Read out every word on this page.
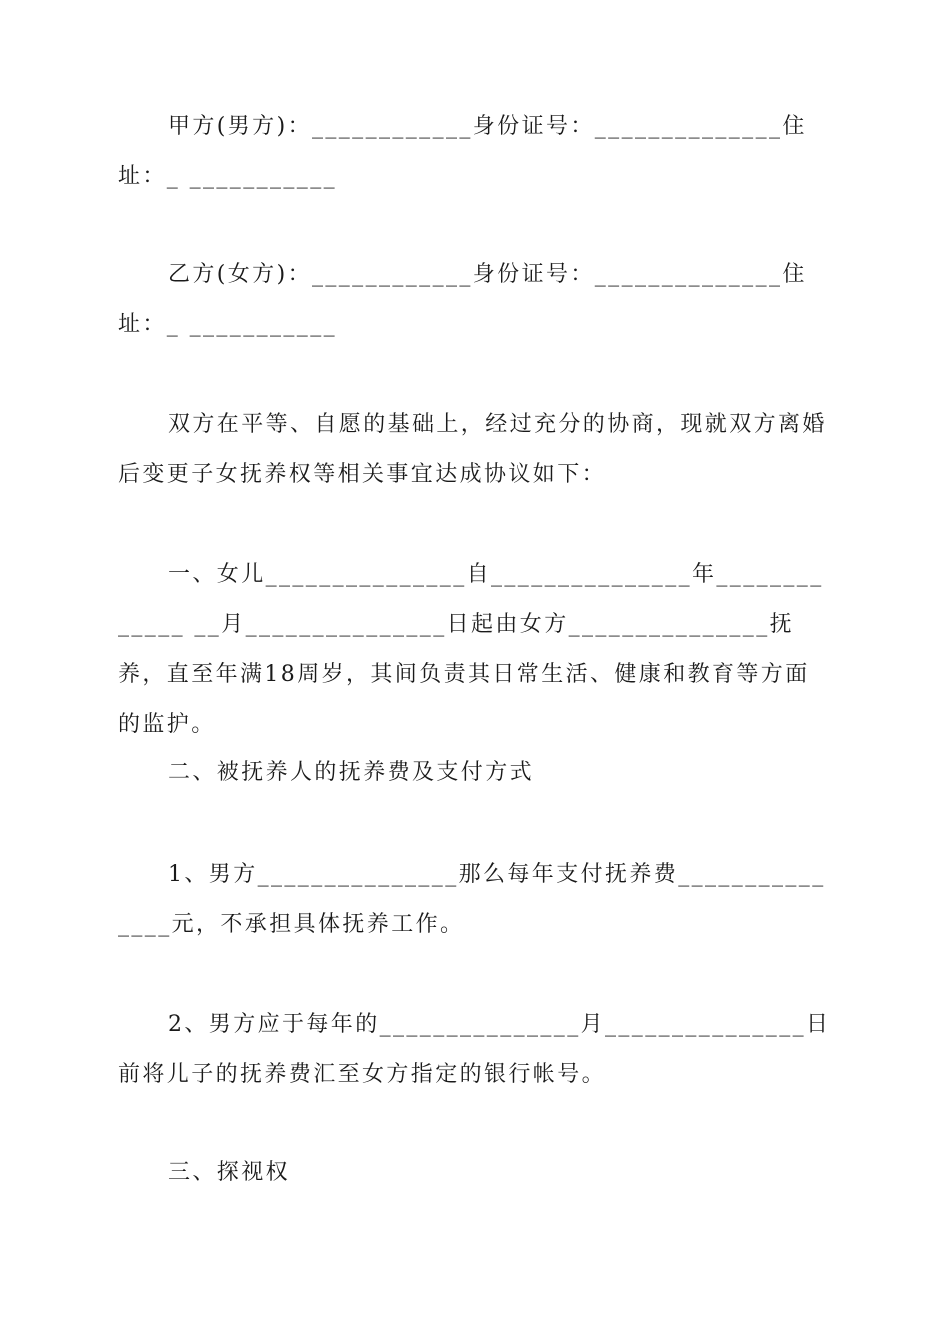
甲方(男方)：____________身份证号：______________住址：_ ___________

乙方(女方)：____________身份证号：______________住址：_ ___________

双方在平等、自愿的基础上，经过充分的协商，现就双方离婚后变更子女抚养权等相关事宜达成协议如下：

一、女儿_______________自_______________年_____________ __月_______________日起由女方_______________抚养，直至年满18周岁，其间负责其日常生活、健康和教育等方面的监护。

二、被抚养人的抚养费及支付方式

1、男方_______________那么每年支付抚养费_______________元，不承担具体抚养工作。

2、男方应于每年的_______________月_______________日前将儿子的抚养费汇至女方指定的银行帐号。

三、探视权
